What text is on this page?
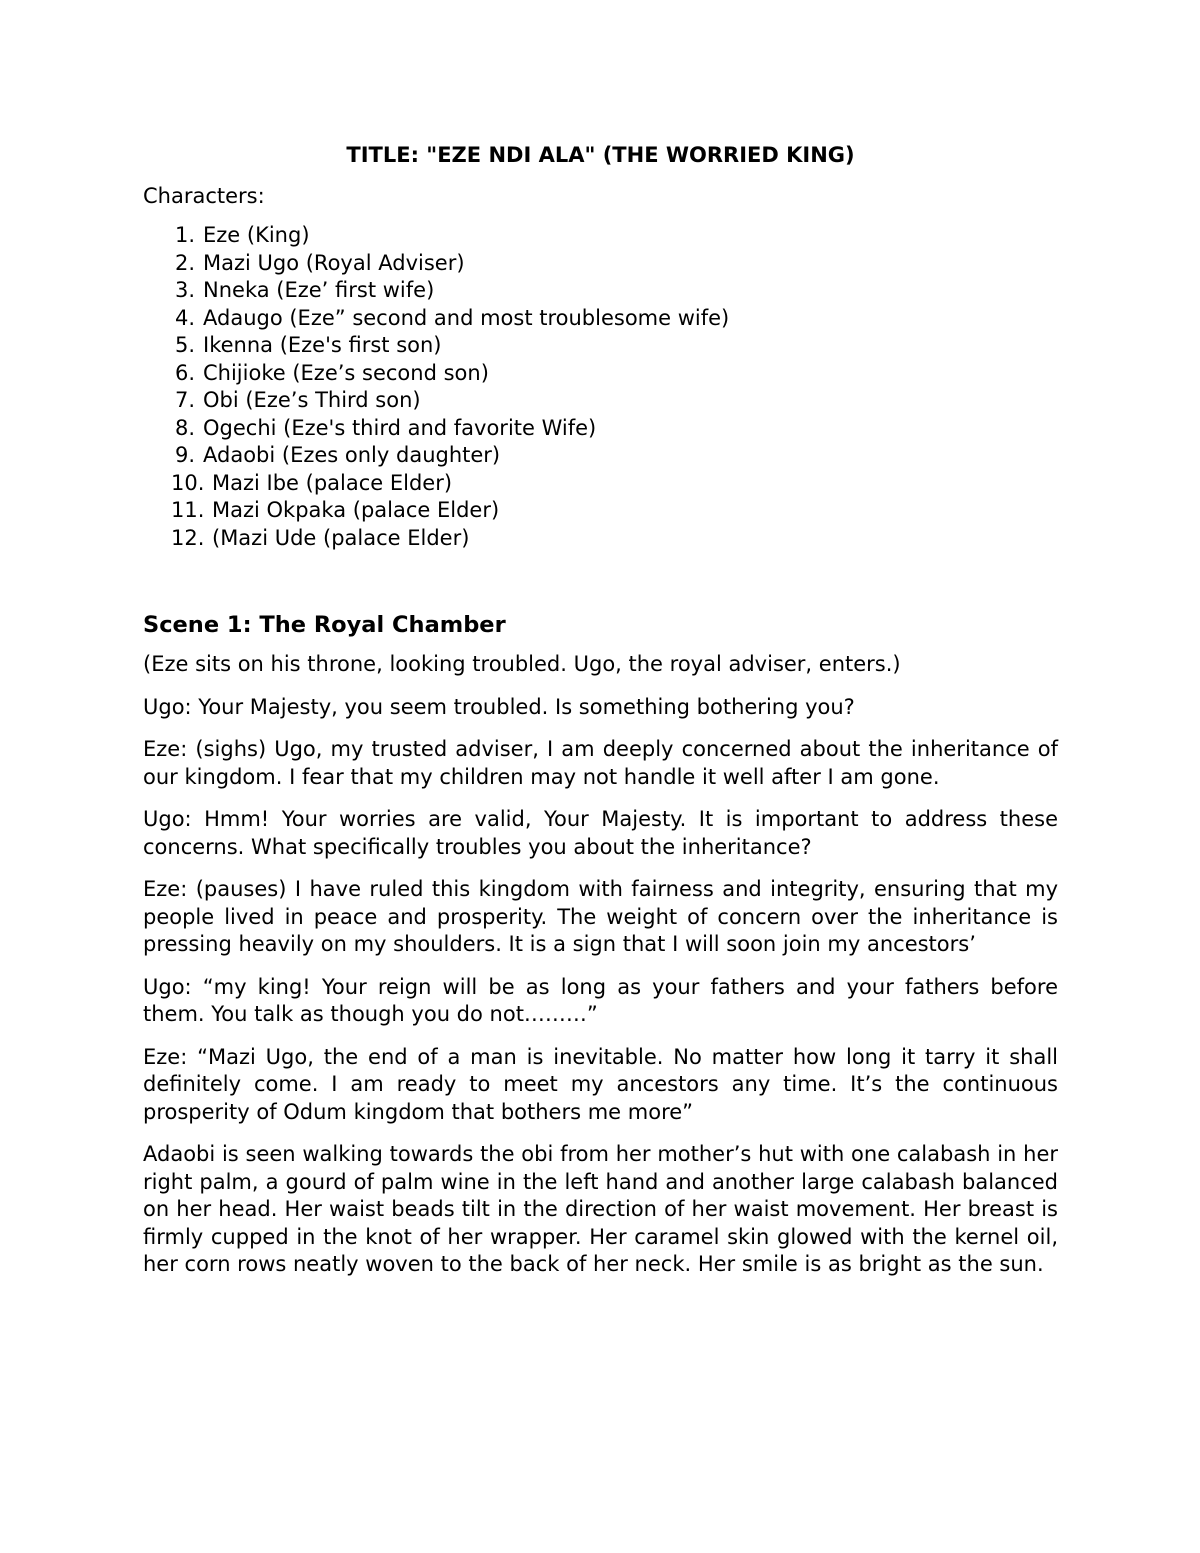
TITLE: "EZE NDI ALA" (THE WORRIED KING)
Characters:
1. Eze (King)
2. Mazi Ugo (Royal Adviser)
3. Nneka (Eze’ first wife)
4. Adaugo (Eze” second and most troublesome wife)
5. Ikenna (Eze's first son)
6. Chijioke (Eze’s second son)
7. Obi (Eze’s Third son)
8. Ogechi (Eze's third and favorite Wife)
9. Adaobi (Ezes only daughter)
10. Mazi Ibe (palace Elder)
11. Mazi Okpaka (palace Elder)
12. (Mazi Ude (palace Elder)
Scene 1: The Royal Chamber

(Eze sits on his throne, looking troubled. Ugo, the royal adviser, enters.)

Ugo: Your Majesty, you seem troubled. Is something bothering you?

Eze: (sighs) Ugo, my trusted adviser, I am deeply concerned about the inheritance of our kingdom. I fear that my children may not handle it well after I am gone.

Ugo: Hmm! Your worries are valid, Your Majesty. It is important to address these concerns. What specifically troubles you about the inheritance?

Eze: (pauses) I have ruled this kingdom with fairness and integrity, ensuring that my people lived in peace and prosperity. The weight of concern over the inheritance is pressing heavily on my shoulders. It is a sign that I will soon join my ancestors’

Ugo: “my king! Your reign will be as long as your fathers and your fathers before them. You talk as though you do not………”

Eze: “Mazi Ugo, the end of a man is inevitable. No matter how long it tarry it shall definitely come. I am ready to meet my ancestors any time. It’s the continuous prosperity of Odum kingdom that bothers me more”

Adaobi is seen walking towards the obi from her mother’s hut with one calabash in her right palm, a gourd of palm wine in the left hand and another large calabash balanced on her head. Her waist beads tilt in the direction of her waist movement. Her breast is firmly cupped in the knot of her wrapper. Her caramel skin glowed with the kernel oil, her corn rows neatly woven to the back of her neck. Her smile is as bright as the sun.
